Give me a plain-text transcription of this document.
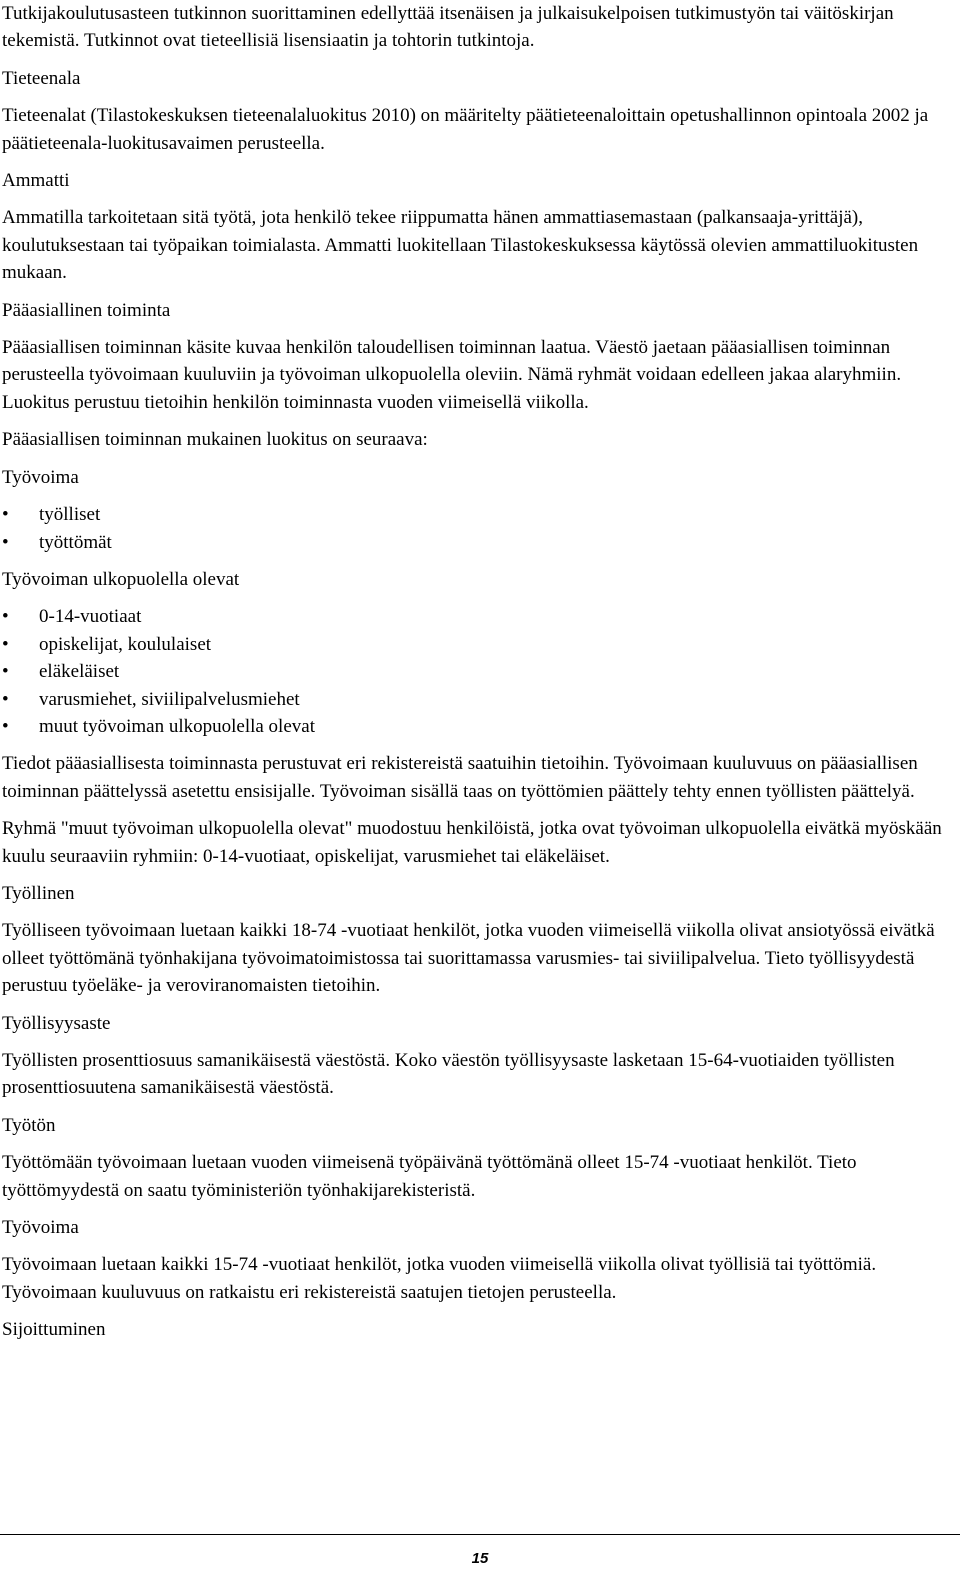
Tutkijakoulutusasteen tutkinnon suorittaminen edellyttää itsenäisen ja julkaisukelpoisen tutkimustyön tai väitöskirjan tekemistä. Tutkinnot ovat tieteellisiä lisensiaatin ja tohtorin tutkintoja.

Tieteenala

Tieteenalat (Tilastokeskuksen tieteenalaluokitus 2010) on määritelty päätieteenaloittain opetushallinnon opintoala 2002 ja päätieteenala-luokitusavaimen perusteella.

Ammatti

Ammatilla tarkoitetaan sitä työtä, jota henkilö tekee riippumatta hänen ammattiasemastaan (palkansaaja-yrittäjä), koulutuksestaan tai työpaikan toimialasta. Ammatti luokitellaan Tilastokeskuksessa käytössä olevien ammattiluokitusten mukaan.

Pääasiallinen toiminta

Pääasiallisen toiminnan käsite kuvaa henkilön taloudellisen toiminnan laatua. Väestö jaetaan pääasiallisen toiminnan perusteella työvoimaan kuuluviin ja työvoiman ulkopuolella oleviin. Nämä ryhmät voidaan edelleen jakaa alaryhmiin. Luokitus perustuu tietoihin henkilön toiminnasta vuoden viimeisellä viikolla.

Pääasiallisen toiminnan mukainen luokitus on seuraava:

Työvoima

• työlliset
• työttömät

Työvoiman ulkopuolella olevat

• 0-14-vuotiaat
• opiskelijat, koululaiset
• eläkeläiset
• varusmiehet, siviilipalvelusmiehet
• muut työvoiman ulkopuolella olevat

Tiedot pääasiallisesta toiminnasta perustuvat eri rekistereistä saatuihin tietoihin. Työvoimaan kuuluvuus on pääasiallisen toiminnan päättelyssä asetettu ensisijalle. Työvoiman sisällä taas on työttömien päättely tehty ennen työllisten päättelyä.

Ryhmä "muut työvoiman ulkopuolella olevat" muodostuu henkilöistä, jotka ovat työvoiman ulkopuolella eivätkä myöskään kuulu seuraaviin ryhmiin: 0-14-vuotiaat, opiskelijat, varusmiehet tai eläkeläiset.

Työllinen

Työlliseen työvoimaan luetaan kaikki 18-74 -vuotiaat henkilöt, jotka vuoden viimeisellä viikolla olivat ansiotyössä eivätkä olleet työttömänä työnhakijana työvoimatoimistossa tai suorittamassa varusmies- tai siviilipalvelua. Tieto työllisyydestä perustuu työeläke- ja veroviranomaisten tietoihin.

Työllisyysaste

Työllisten prosenttiosuus samanikäisestä väestöstä. Koko väestön työllisyysaste lasketaan 15-64-vuotiaiden työllisten prosenttiosuutena samanikäisestä väestöstä.

Työtön

Työttömään työvoimaan luetaan vuoden viimeisenä työpäivänä työttömänä olleet 15-74 -vuotiaat henkilöt. Tieto työttömyydestä on saatu työministeriön työnhakijarekisteristä.

Työvoima

Työvoimaan luetaan kaikki 15-74 -vuotiaat henkilöt, jotka vuoden viimeisellä viikolla olivat työllisiä tai työttömiä. Työvoimaan kuuluvuus on ratkaistu eri rekistereistä saatujen tietojen perusteella.

Sijoittuminen

15
